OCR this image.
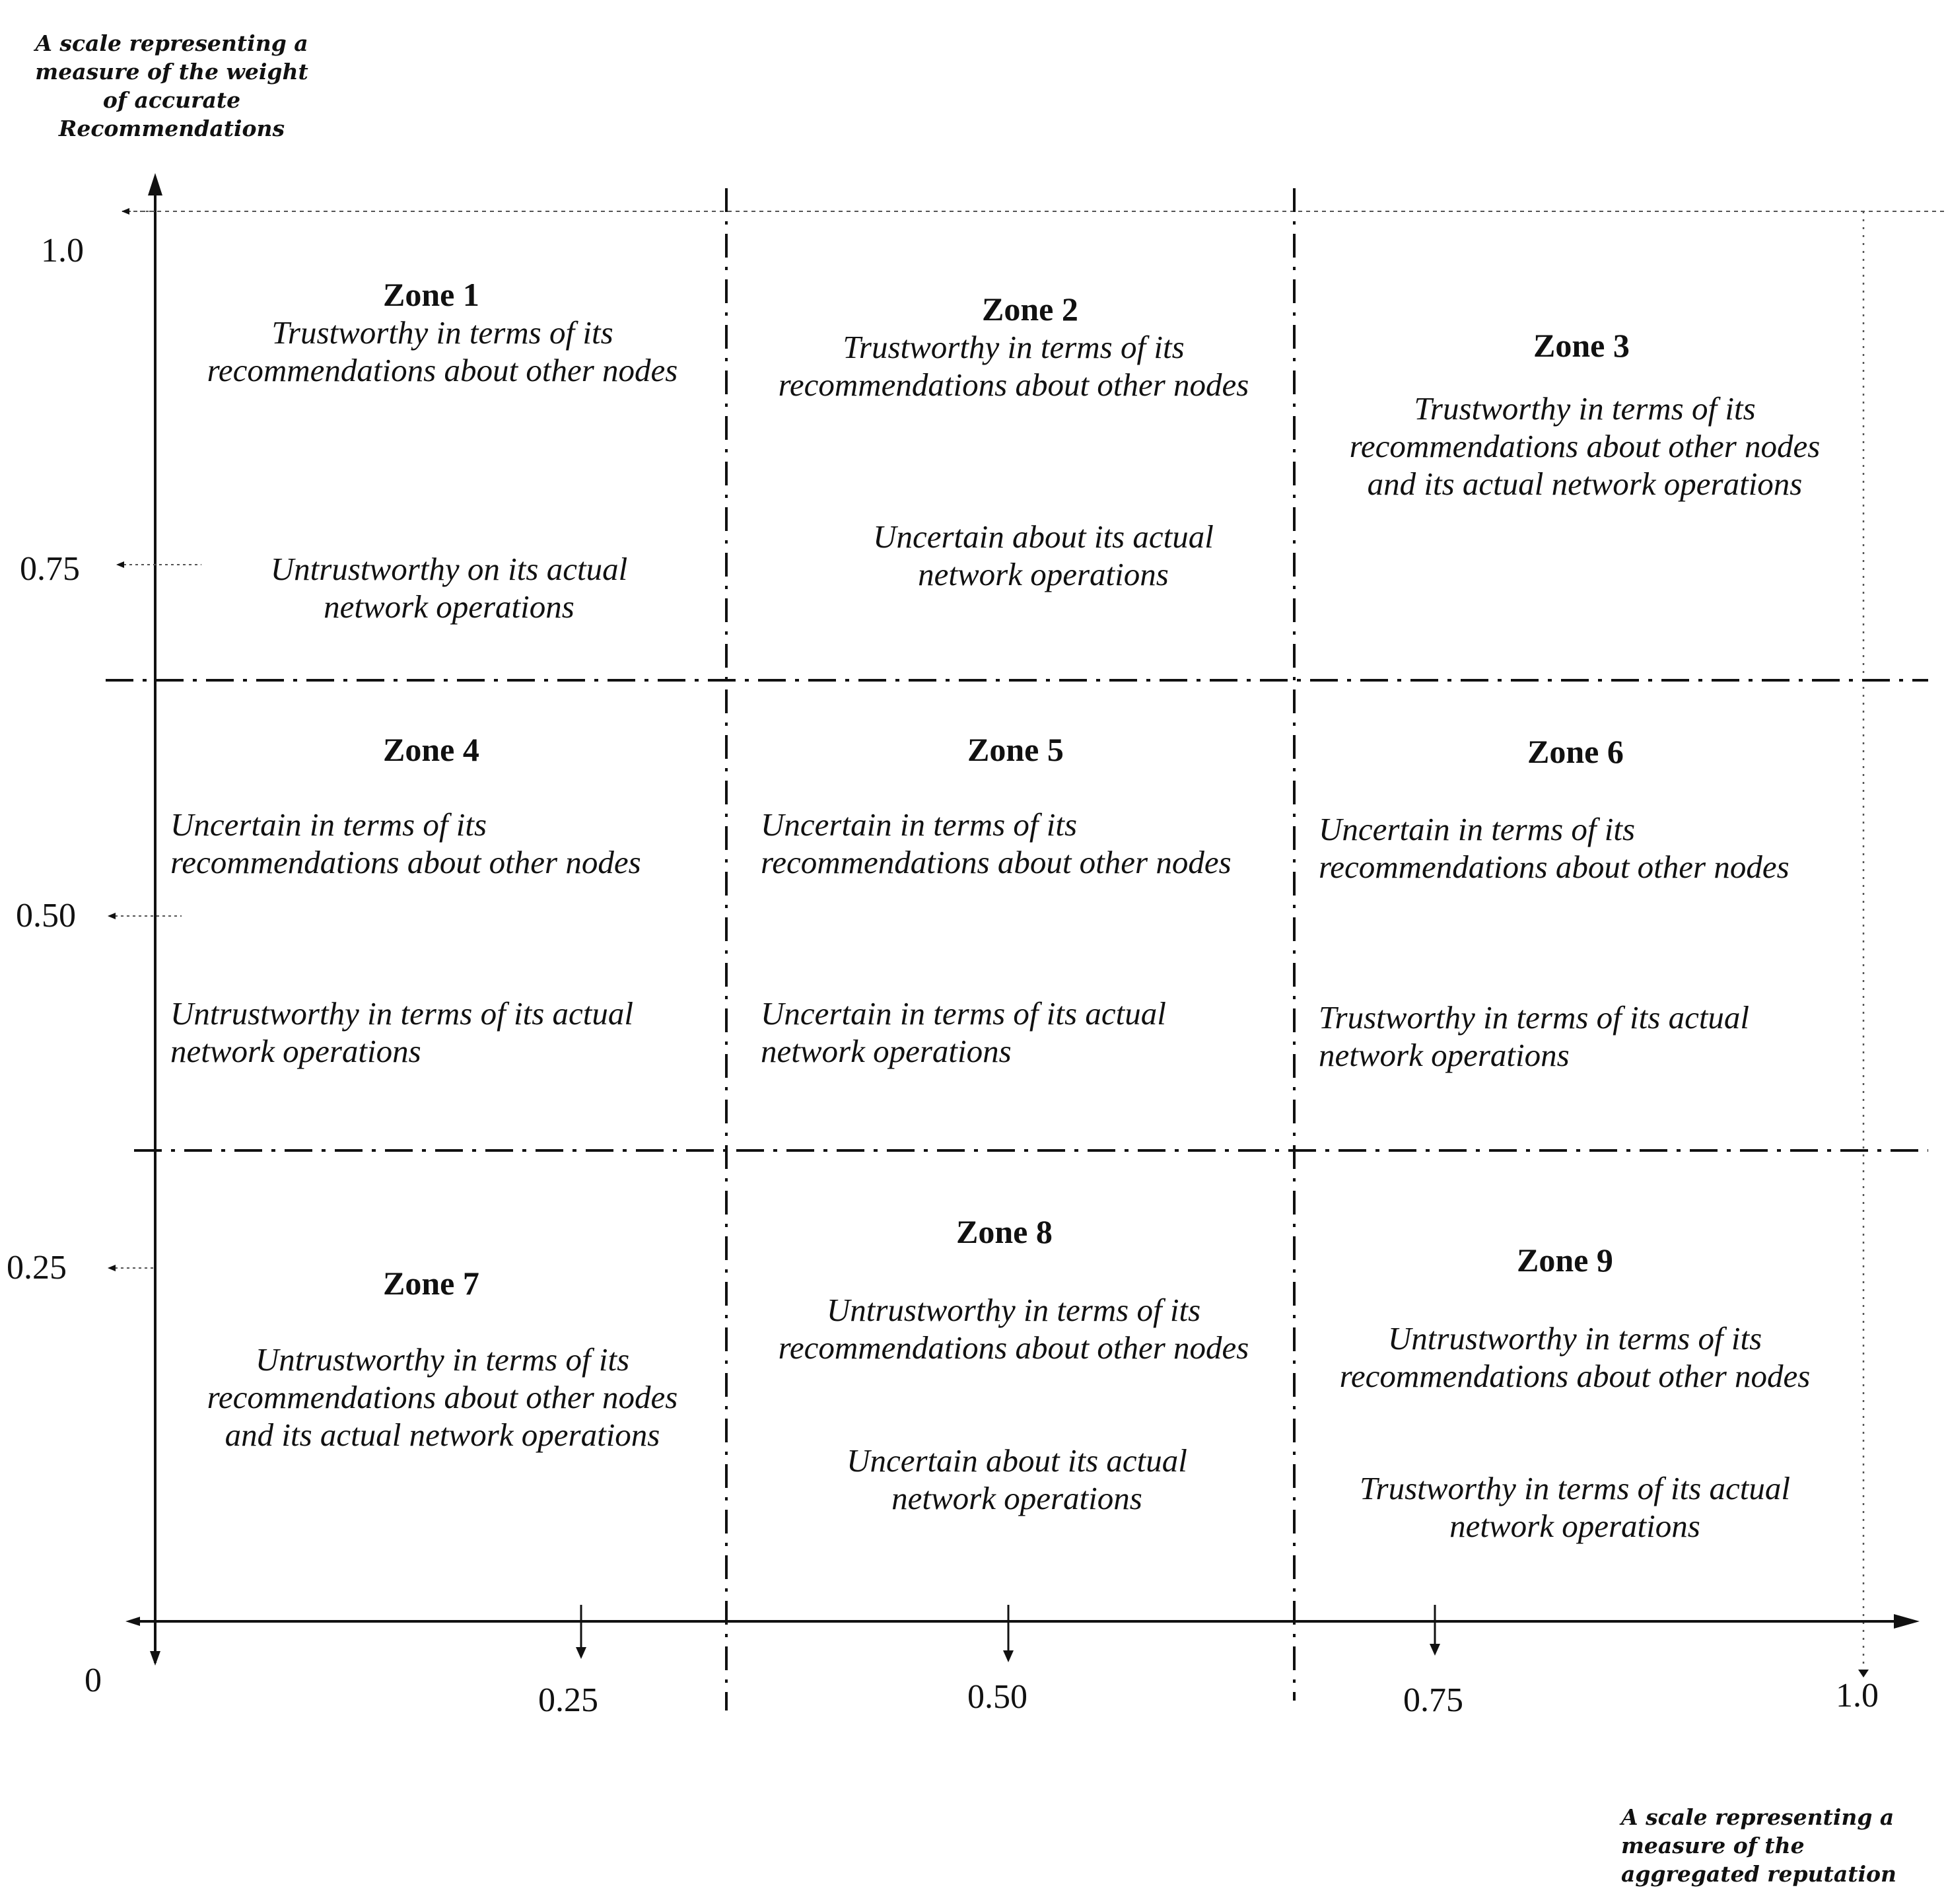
A scale representing a
measure of the weight
of accurate
Recommendations
A scale representing a
measure of the
aggregated reputation
1.0
0.75
0.50
0.25
0
0.25	0.50	0.75	1.0
Zone 1
Trustworthy in terms of its recommendations about other nodes
Untrustworthy on its actual network operations
Zone 2
Trustworthy in terms of its recommendations about other nodes
Uncertain about its actual network operations
Zone 3
Trustworthy in terms of its recommendations about other nodes and its actual network operations
Zone 4
Uncertain in terms of its recommendations about other nodes
Untrustworthy in terms of its actual network operations
Zone 5
Uncertain in terms of its recommendations about other nodes
Uncertain in terms of its actual network operations
Zone 6
Uncertain in terms of its recommendations about other nodes
Trustworthy in terms of its actual network operations
Zone 7
Untrustworthy in terms of its recommendations about other nodes and its actual network operations
Zone 8
Untrustworthy in terms of its recommendations about other nodes
Uncertain about its actual network operations
Zone 9
Untrustworthy in terms of its recommendations about other nodes
Trustworthy in terms of its actual network operations
